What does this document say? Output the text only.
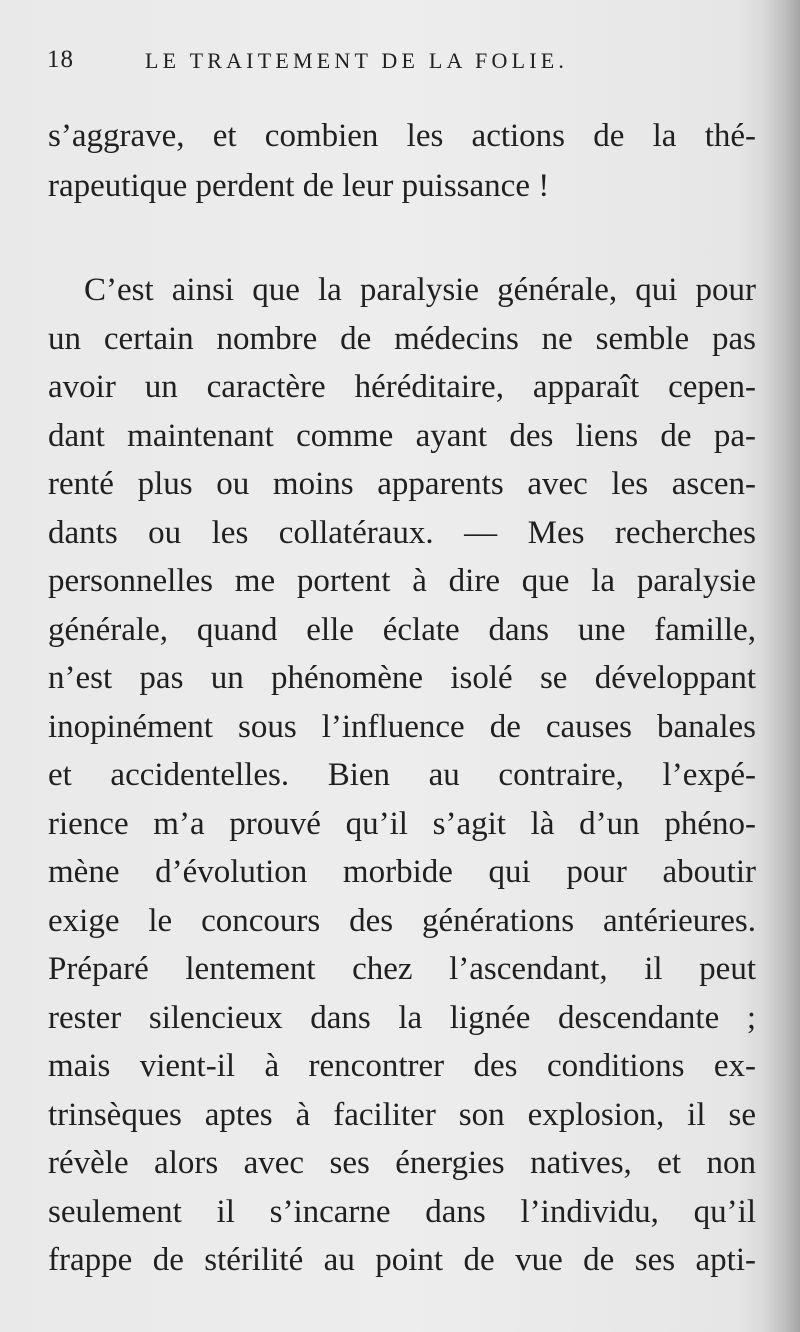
18	LE TRAITEMENT DE LA FOLIE.
s’aggrave, et combien les actions de la thé-
rapeutique perdent de leur puissance !
C’est ainsi que la paralysie générale, qui pour
un certain nombre de médecins ne semble pas
avoir un caractère héréditaire, apparaît cepen-
dant maintenant comme ayant des liens de pa-
renté plus ou moins apparents avec les ascen-
dants ou les collatéraux. — Mes recherches
personnelles me portent à dire que la paralysie
générale, quand elle éclate dans une famille,
n’est pas un phénomène isolé se développant
inopinément sous l’influence de causes banales
et accidentelles. Bien au contraire, l’expé-
rience m’a prouvé qu’il s’agit là d’un phéno-
mène d’évolution morbide qui pour aboutir
exige le concours des générations antérieures.
Préparé lentement chez l’ascendant, il peut
rester silencieux dans la lignée descendante ;
mais vient-il à rencontrer des conditions ex-
trinsèques aptes à faciliter son explosion, il se
révèle alors avec ses énergies natives, et non
seulement il s’incarne dans l’individu, qu’il
frappe de stérilité au point de vue de ses apti-
